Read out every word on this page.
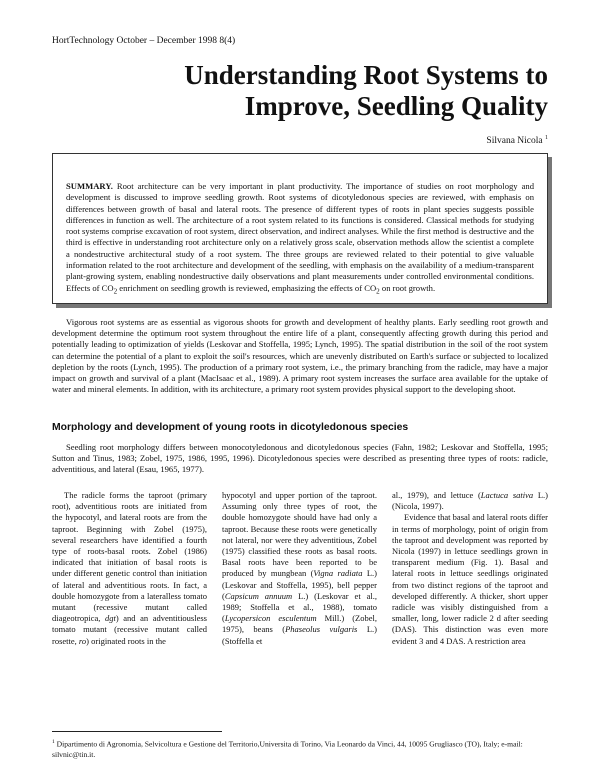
HortTechnology October – December 1998 8(4)
Understanding Root Systems to
Improve, Seedling Quality
Silvana Nicola $^1$

SUMMARY. Root architecture can be very important in plant productivity. The importance of studies on root morphology and development is discussed to improve seedling growth. Root systems of dicotyledonous species are reviewed, with emphasis on differences between growth of basal and lateral roots. The presence of different types of roots in plant species suggests possible differences in function as well. The architecture of a root system related to its functions is considered. Classical methods for studying root systems comprise excavation of root system, direct observation, and indirect analyses. While the first method is destructive and the third is effective in understanding root architecture only on a relatively gross scale, observation methods allow the scientist a complete a nondestructive architectural study of a root system. The three groups are reviewed related to their potential to give valuable information related to the root architecture and development of the seedling, with emphasis on the availability of a medium-transparent plant-growing system, enabling nondestructive daily observations and plant measurements under controlled environmental conditions. Effects of $CO_2$ enrichment on seedling growth is reviewed, emphasizing the effects of $CO_2$ on root growth.

Vigorous root systems are as essential as vigorous shoots for growth and development of healthy plants. Early seedling root growth and development determine the optimum root system throughout the entire life of a plant, consequently affecting growth during this period and potentially leading to optimization of yields (Leskovar and Stoffella, 1995; Lynch, 1995). The spatial distribution in the soil of the root system can determine the potential of a plant to exploit the soil's resources, which are unevenly distributed on Earth's surface or subjected to localized depletion by the roots (Lynch, 1995). The production of a primary root system, i.e., the primary branching from the radicle, may have a major impact on growth and survival of a plant (MacIsaac et al., 1989). A primary root system increases the surface area available for the uptake of water and mineral elements. In addition, with its architecture, a primary root system provides physical support to the developing shoot.

Morphology and development of young roots in dicotyledonous species

Seedling root morphology differs between monocotyledonous and dicotyledonous species (Fahn, 1982; Leskovar and Stoffella, 1995; Sutton and Tinus, 1983; Zobel, 1975, 1986, 1995, 1996). Dicotyledonous species were described as presenting three types of roots: radicle, adventitious, and lateral (Esau, 1965, 1977).

The radicle forms the taproot (primary root), adventitious roots are initiated from the hypocotyl, and lateral roots are from the taproot. Beginning with Zobel (1975), several researchers have identified a fourth type of roots-basal roots. Zobel (1986) indicated that initiation of basal roots is under different genetic control than initiation of lateral and adventitious roots. In fact, a double homozygote from a lateralless tomato mutant (recessive mutant called diageotropica, dgt) and an adventitiousless tomato mutant (recessive mutant called rosette, ro) originated roots in the

hypocotyl and upper portion of the taproot. Assuming only three types of root, the double homozygote should have had only a taproot. Because these roots were genetically not lateral, nor were they adventitious, Zobel (1975) classified these roots as basal roots. Basal roots have been reported to be produced by mungbean (Vigna radiata L.) (Leskovar and Stoffella, 1995), bell pepper (Capsicum annuum L.) (Leskovar et al., 1989; Stoffella et al., 1988), tomato (Lycopersicon esculentum Mill.) (Zobel, 1975), beans (Phaseolus vulgaris L.) (Stoffella et

al., 1979), and lettuce (Lactuca sativa L.) (Nicola, 1997).

Evidence that basal and lateral roots differ in terms of morphology, point of origin from the taproot and development was reported by Nicola (1997) in lettuce seedlings grown in transparent medium (Fig. 1). Basal and lateral roots in lettuce seedlings originated from two distinct regions of the taproot and developed differently. A thicker, short upper radicle was visibly distinguished from a smaller, long, lower radicle 2 d after seeding (DAS). This distinction was even more evident 3 and 4 DAS. A restriction area

$^1$ Dipartimento di Agronomia, Selvicoltura e Gestione del Territorio,Universita di Torino, Via Leonardo da Vinci, 44, 10095 Grugliasco (TO), Italy; e-mail: silvnic@tin.it.
